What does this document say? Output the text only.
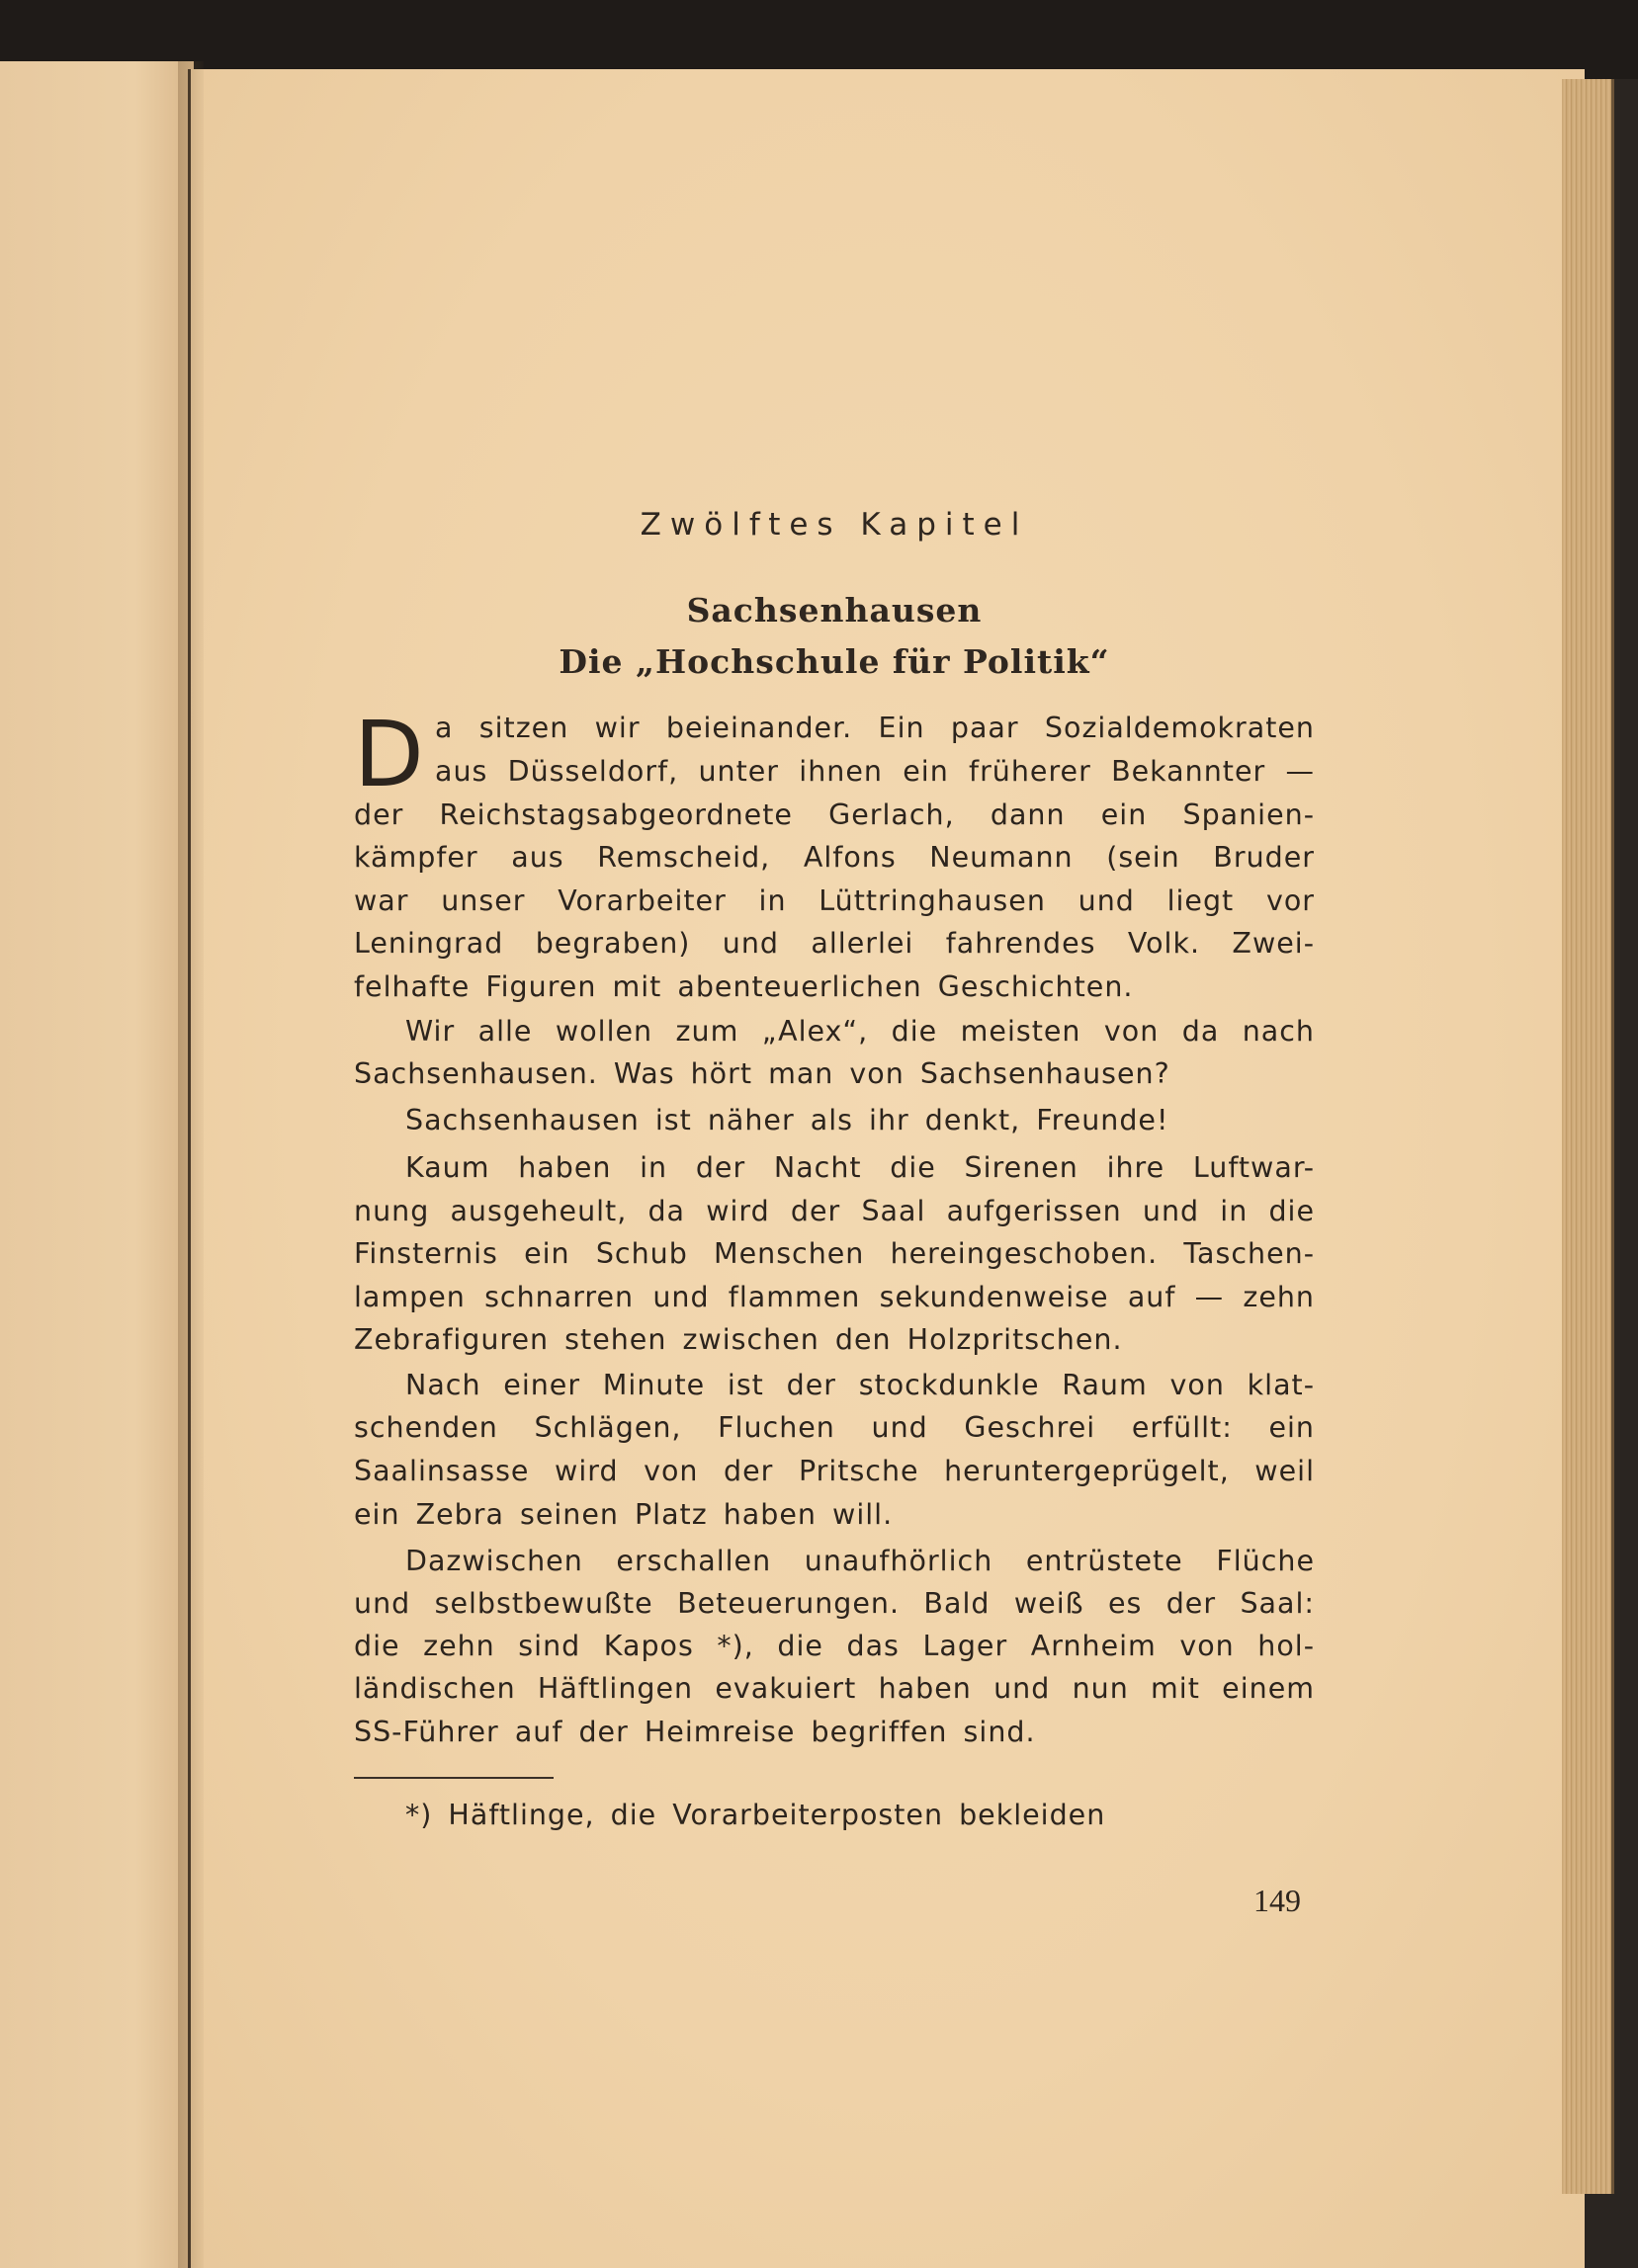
Zwölftes Kapitel
Sachsenhausen
Die „Hochschule für Politik“
D a sitzen wir beieinander. Ein paar Sozialdemokraten
aus Düsseldorf, unter ihnen ein früherer Bekannter —
der Reichstagsabgeordnete Gerlach, dann ein Spanien-
kämpfer aus Remscheid, Alfons Neumann (sein Bruder
war unser Vorarbeiter in Lüttringhausen und liegt vor
Leningrad begraben) und allerlei fahrendes Volk. Zwei-
felhafte Figuren mit abenteuerlichen Geschichten.
Wir alle wollen zum „Alex“, die meisten von da nach
Sachsenhausen. Was hört man von Sachsenhausen?
Sachsenhausen ist näher als ihr denkt, Freunde!
Kaum haben in der Nacht die Sirenen ihre Luftwar-
nung ausgeheult, da wird der Saal aufgerissen und in die
Finsternis ein Schub Menschen hereingeschoben. Taschen-
lampen schnarren und flammen sekundenweise auf — zehn
Zebrafiguren stehen zwischen den Holzpritschen.
Nach einer Minute ist der stockdunkle Raum von klat-
schenden Schlägen, Fluchen und Geschrei erfüllt: ein
Saalinsasse wird von der Pritsche heruntergeprügelt, weil
ein Zebra seinen Platz haben will.
Dazwischen erschallen unaufhörlich entrüstete Flüche
und selbstbewußte Beteuerungen. Bald weiß es der Saal:
die zehn sind Kapos *), die das Lager Arnheim von hol-
ländischen Häftlingen evakuiert haben und nun mit einem
SS-Führer auf der Heimreise begriffen sind.
*) Häftlinge, die Vorarbeiterposten bekleiden
149
